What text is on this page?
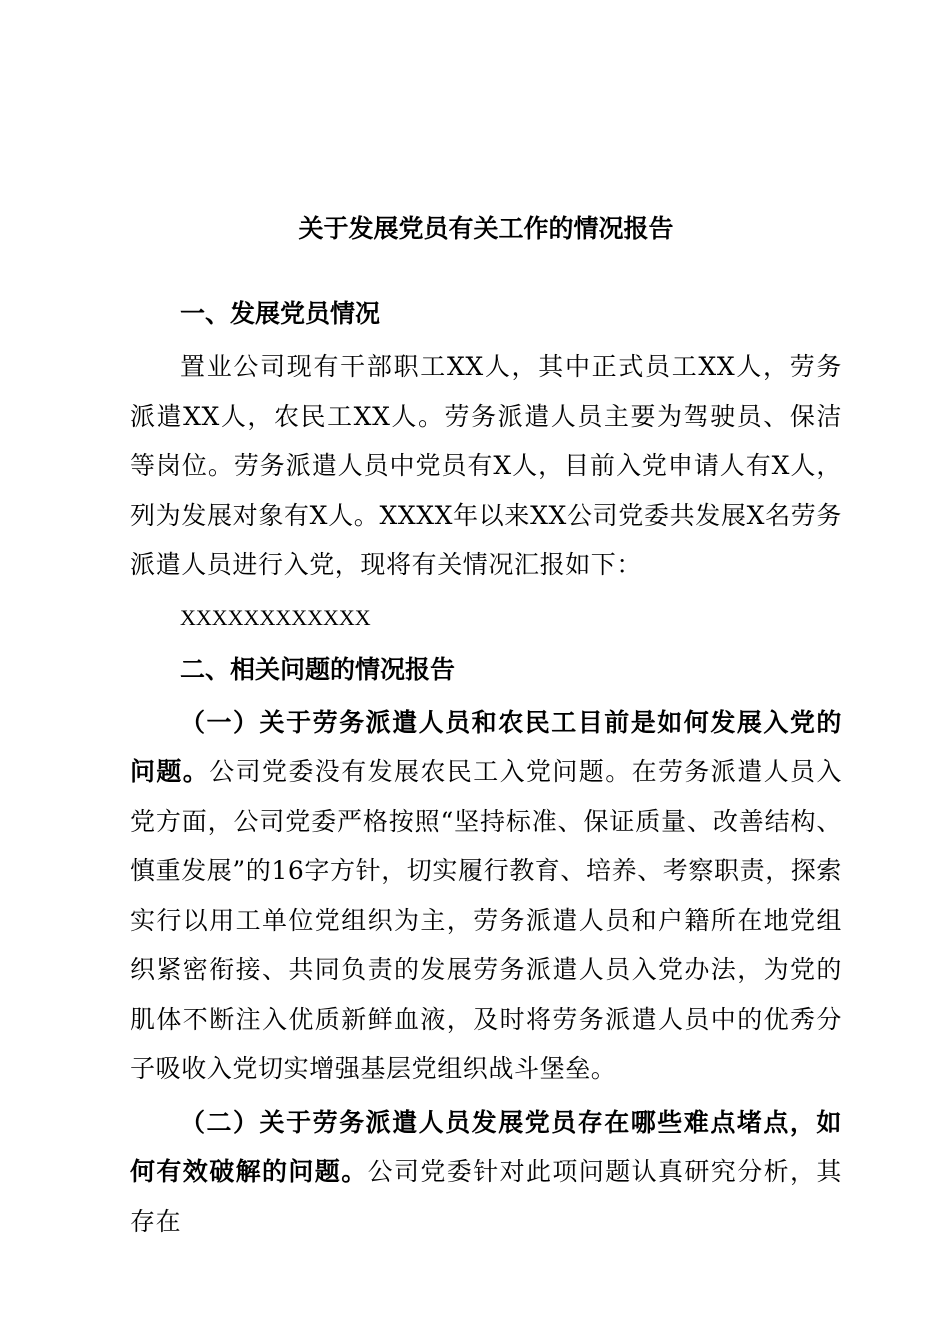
关于发展党员有关工作的情况报告
一、发展党员情况

置业公司现有干部职工XX人，其中正式员工XX人，劳务派遣XX人，农民工XX人。劳务派遣人员主要为驾驶员、保洁等岗位。劳务派遣人员中党员有X人，目前入党申请人有X人，列为发展对象有X人。XXXX年以来XX公司党委共发展X名劳务派遣人员进行入党，现将有关情况汇报如下：

XXXXXXXXXXXX
二、相关问题的情况报告

（一）关于劳务派遣人员和农民工目前是如何发展入党的问题。公司党委没有发展农民工入党问题。在劳务派遣人员入党方面，公司党委严格按照“坚持标准、保证质量、改善结构、慎重发展”的16字方针，切实履行教育、培养、考察职责，探索实行以用工单位党组织为主，劳务派遣人员和户籍所在地党组织紧密衔接、共同负责的发展劳务派遣人员入党办法，为党的肌体不断注入优质新鲜血液，及时将劳务派遣人员中的优秀分子吸收入党切实增强基层党组织战斗堡垒。

（二）关于劳务派遣人员发展党员存在哪些难点堵点，如何有效破解的问题。公司党委针对此项问题认真研究分析，其存在
